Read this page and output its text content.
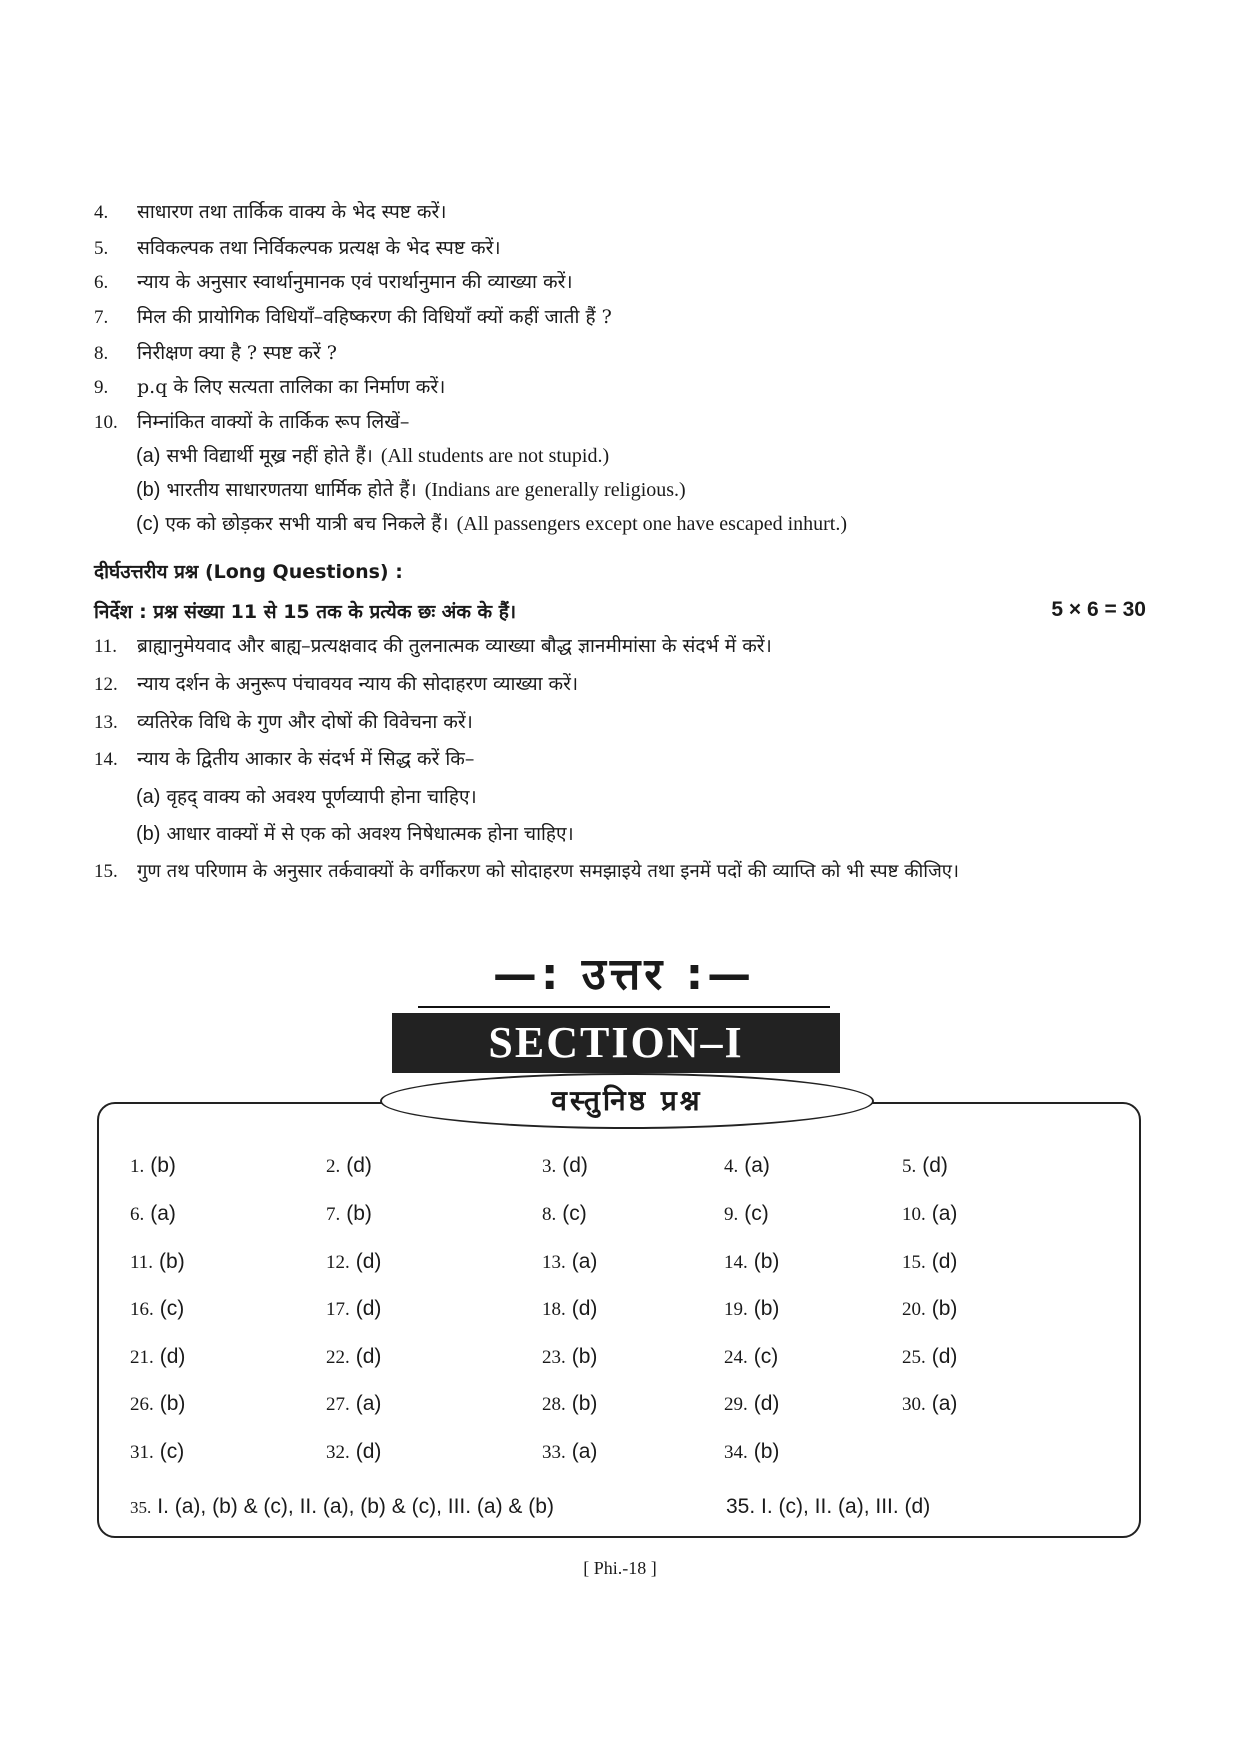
4. साधारण तथा तार्किक वाक्य के भेद स्पष्ट करें।
5. सविकल्पक तथा निर्विकल्पक प्रत्यक्ष के भेद स्पष्ट करें।
6. न्याय के अनुसार स्वार्थानुमानक एवं परार्थानुमान की व्याख्या करें।
7. मिल की प्रायोगिक विधियाँ–वहिष्करण की विधियाँ क्यों कहीं जाती हैं ?
8. निरीक्षण क्या है ? स्पष्ट करें ?
9. p.q के लिए सत्यता तालिका का निर्माण करें।
10. निम्नांकित वाक्यों के तार्किक रूप लिखें–
(a) सभी विद्यार्थी मूख्र नहीं होते हैं। (All students are not stupid.)
(b) भारतीय साधारणतया धार्मिक होते हैं। (Indians are generally religious.)
(c) एक को छोड़कर सभी यात्री बच निकले हैं। (All passengers except one have escaped inhurt.)
दीर्घउत्तरीय प्रश्न (Long Questions) :
निर्देश : प्रश्न संख्या 11 से 15 तक के प्रत्येक छः अंक के हैं।	5 × 6 = 30
11. ब्राह्यानुमेयवाद और बाह्य–प्रत्यक्षवाद की तुलनात्मक व्याख्या बौद्ध ज्ञानमीमांसा के संदर्भ में करें।
12. न्याय दर्शन के अनुरूप पंचावयव न्याय की सोदाहरण व्याख्या करें।
13. व्यतिरेक विधि के गुण और दोषों की विवेचना करें।
14. न्याय के द्वितीय आकार के संदर्भ में सिद्ध करें कि–
(a) वृहद् वाक्य को अवश्य पूर्णव्यापी होना चाहिए।
(b) आधार वाक्यों में से एक को अवश्य निषेधात्मक होना चाहिए।
15. गुण तथ परिणाम के अनुसार तर्कवाक्यों के वर्गीकरण को सोदाहरण समझाइये तथा इनमें पदों की व्याप्ति को भी स्पष्ट कीजिए।
—: उत्तर :—
SECTION–I
वस्तुनिष्ठ प्रश्न
1. (b)	2. (d)	3. (d)	4. (a)	5. (d)
6. (a)	7. (b)	8. (c)	9. (c)	10. (a)
11. (b)	12. (d)	13. (a)	14. (b)	15. (d)
16. (c)	17. (d)	18. (d)	19. (b)	20. (b)
21. (d)	22. (d)	23. (b)	24. (c)	25. (d)
26. (b)	27. (a)	28. (b)	29. (d)	30. (a)
31. (c)	32. (d)	33. (a)	34. (b)
35. I. (a), (b) & (c), II. (a), (b) & (c), III. (a) & (b)	35. I. (c), II. (a), III. (d)
[ Phi.-18 ]
